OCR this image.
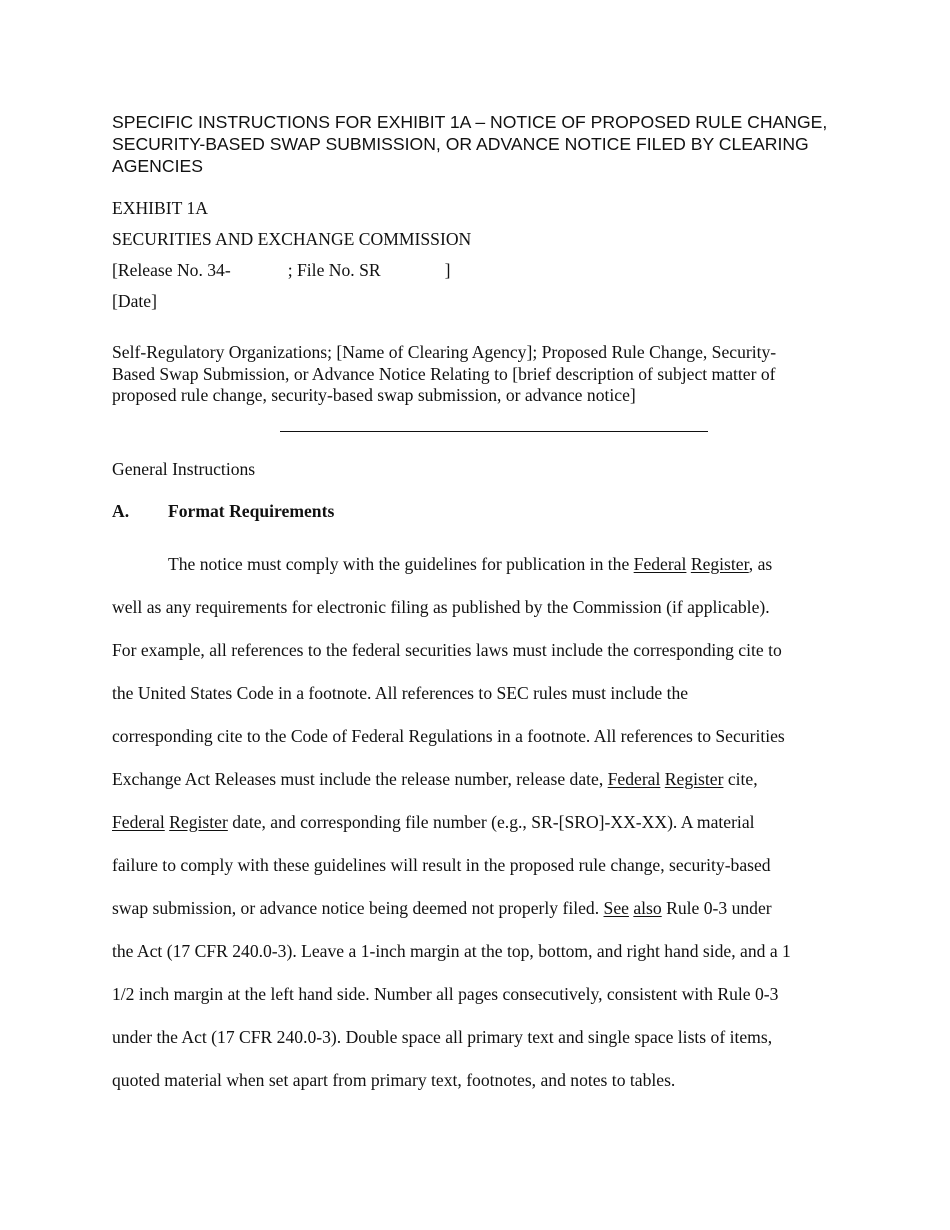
SPECIFIC INSTRUCTIONS FOR EXHIBIT 1A – NOTICE OF PROPOSED RULE CHANGE,
SECURITY-BASED SWAP SUBMISSION, OR ADVANCE NOTICE FILED BY CLEARING
AGENCIES
EXHIBIT 1A
SECURITIES AND EXCHANGE COMMISSION
[Release No. 34-	; File No. SR	]
[Date]
Self-Regulatory Organizations; [Name of Clearing Agency]; Proposed Rule Change, Security-
Based Swap Submission, or Advance Notice Relating to [brief description of subject matter of
proposed rule change, security-based swap submission, or advance notice]
General Instructions
A. Format Requirements
The notice must comply with the guidelines for publication in the Federal Register, as
well as any requirements for electronic filing as published by the Commission (if applicable).
For example, all references to the federal securities laws must include the corresponding cite to
the United States Code in a footnote. All references to SEC rules must include the
corresponding cite to the Code of Federal Regulations in a footnote. All references to Securities
Exchange Act Releases must include the release number, release date, Federal Register cite,
Federal Register date, and corresponding file number (e.g., SR-[SRO]-XX-XX). A material
failure to comply with these guidelines will result in the proposed rule change, security-based
swap submission, or advance notice being deemed not properly filed. See also Rule 0-3 under
the Act (17 CFR 240.0-3). Leave a 1-inch margin at the top, bottom, and right hand side, and a 1
1/2 inch margin at the left hand side. Number all pages consecutively, consistent with Rule 0-3
under the Act (17 CFR 240.0-3). Double space all primary text and single space lists of items,
quoted material when set apart from primary text, footnotes, and notes to tables.
